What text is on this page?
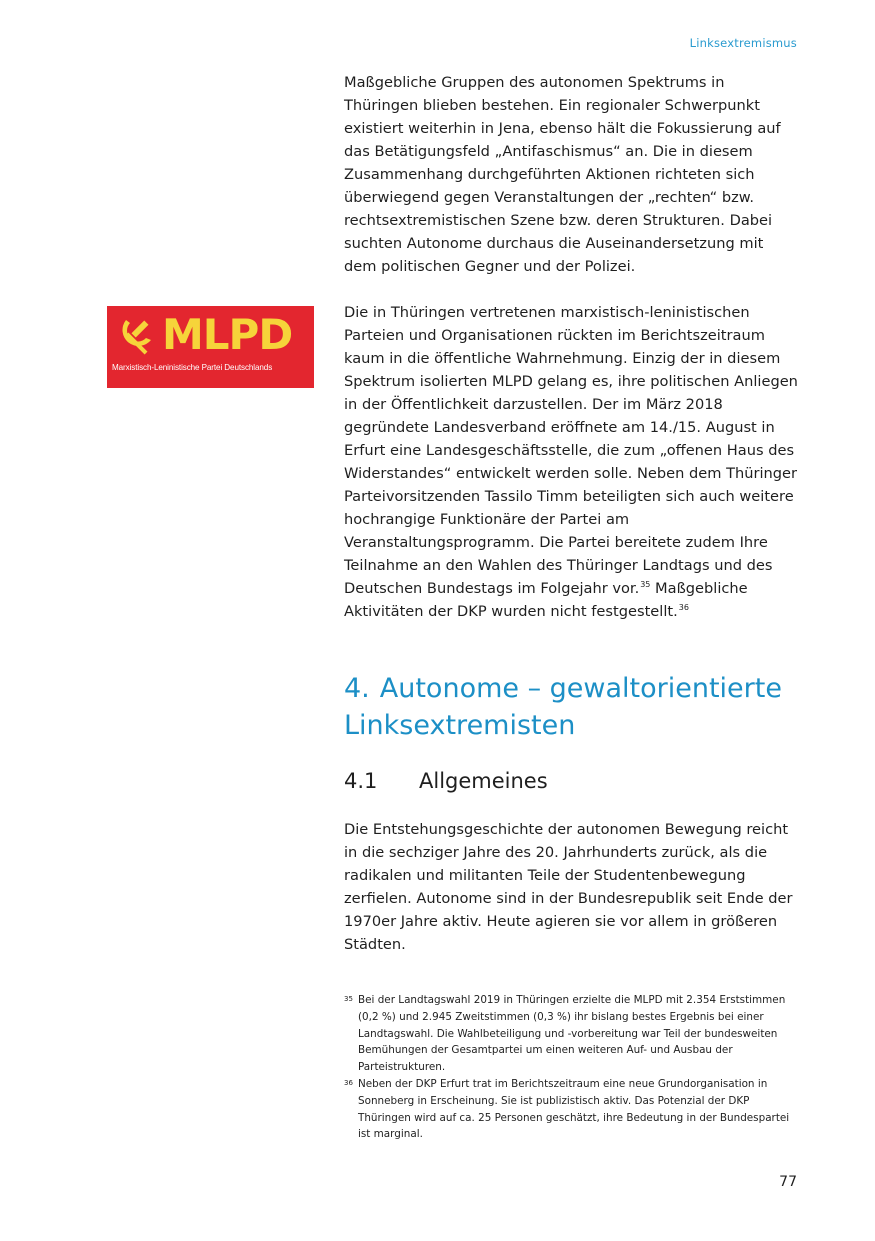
Linksextremismus
Maßgebliche Gruppen des autonomen Spektrums in Thüringen blieben bestehen. Ein regionaler Schwerpunkt existiert weiterhin in Jena, ebenso hält die Fokussierung auf das Betätigungsfeld „Antifaschismus“ an. Die in diesem Zusammenhang durchgeführten Aktionen richteten sich überwiegend gegen Veranstaltungen der „rechten“ bzw. rechtsextremistischen Szene bzw. deren Strukturen. Dabei suchten Autonome durchaus die Auseinandersetzung mit dem politischen Gegner und der Polizei.
MLPD
Marxistisch-Leninistische Partei Deutschlands
Die in Thüringen vertretenen marxistisch-leninistischen Parteien und Organisationen rückten im Berichtszeitraum kaum in die öffentliche Wahrnehmung. Einzig der in diesem Spektrum isolierten MLPD gelang es, ihre politischen Anliegen in der Öffentlichkeit darzustellen. Der im März 2018 gegründete Landesverband eröffnete am 14./15. August in Erfurt eine Landesgeschäftsstelle, die zum „offenen Haus des Widerstandes“ entwickelt werden solle. Neben dem Thüringer Parteivorsitzenden Tassilo Timm beteiligten sich auch weitere hochrangige Funktionäre der Partei am Veranstaltungsprogramm. Die Partei bereitete zudem Ihre Teilnahme an den Wahlen des Thüringer Landtags und des Deutschen Bundestags im Folgejahr vor.$^{35}$ Maßgebliche Aktivitäten der DKP wurden nicht festgestellt.$^{36}$
4. Autonome – gewaltorientierte Linksextremisten
4.1 Allgemeines
Die Entstehungsgeschichte der autonomen Bewegung reicht in die sechziger Jahre des 20. Jahrhunderts zurück, als die radikalen und militanten Teile der Studentenbewegung zerfielen. Autonome sind in der Bundesrepublik seit Ende der 1970er Jahre aktiv. Heute agieren sie vor allem in größeren Städten.

35 Bei der Landtagswahl 2019 in Thüringen erzielte die MLPD mit 2.354 Erststimmen (0,2 %) und 2.945 Zweitstimmen (0,3 %) ihr bislang bestes Ergebnis bei einer Landtagswahl. Die Wahlbeteiligung und -vorbereitung war Teil der bundesweiten Bemühungen der Gesamtpartei um einen weiteren Auf- und Ausbau der Parteistrukturen.

36 Neben der DKP Erfurt trat im Berichtszeitraum eine neue Grundorganisation in Sonneberg in Erscheinung. Sie ist publizistisch aktiv. Das Potenzial der DKP Thüringen wird auf ca. 25 Personen geschätzt, ihre Bedeutung in der Bundespartei ist marginal.

77
